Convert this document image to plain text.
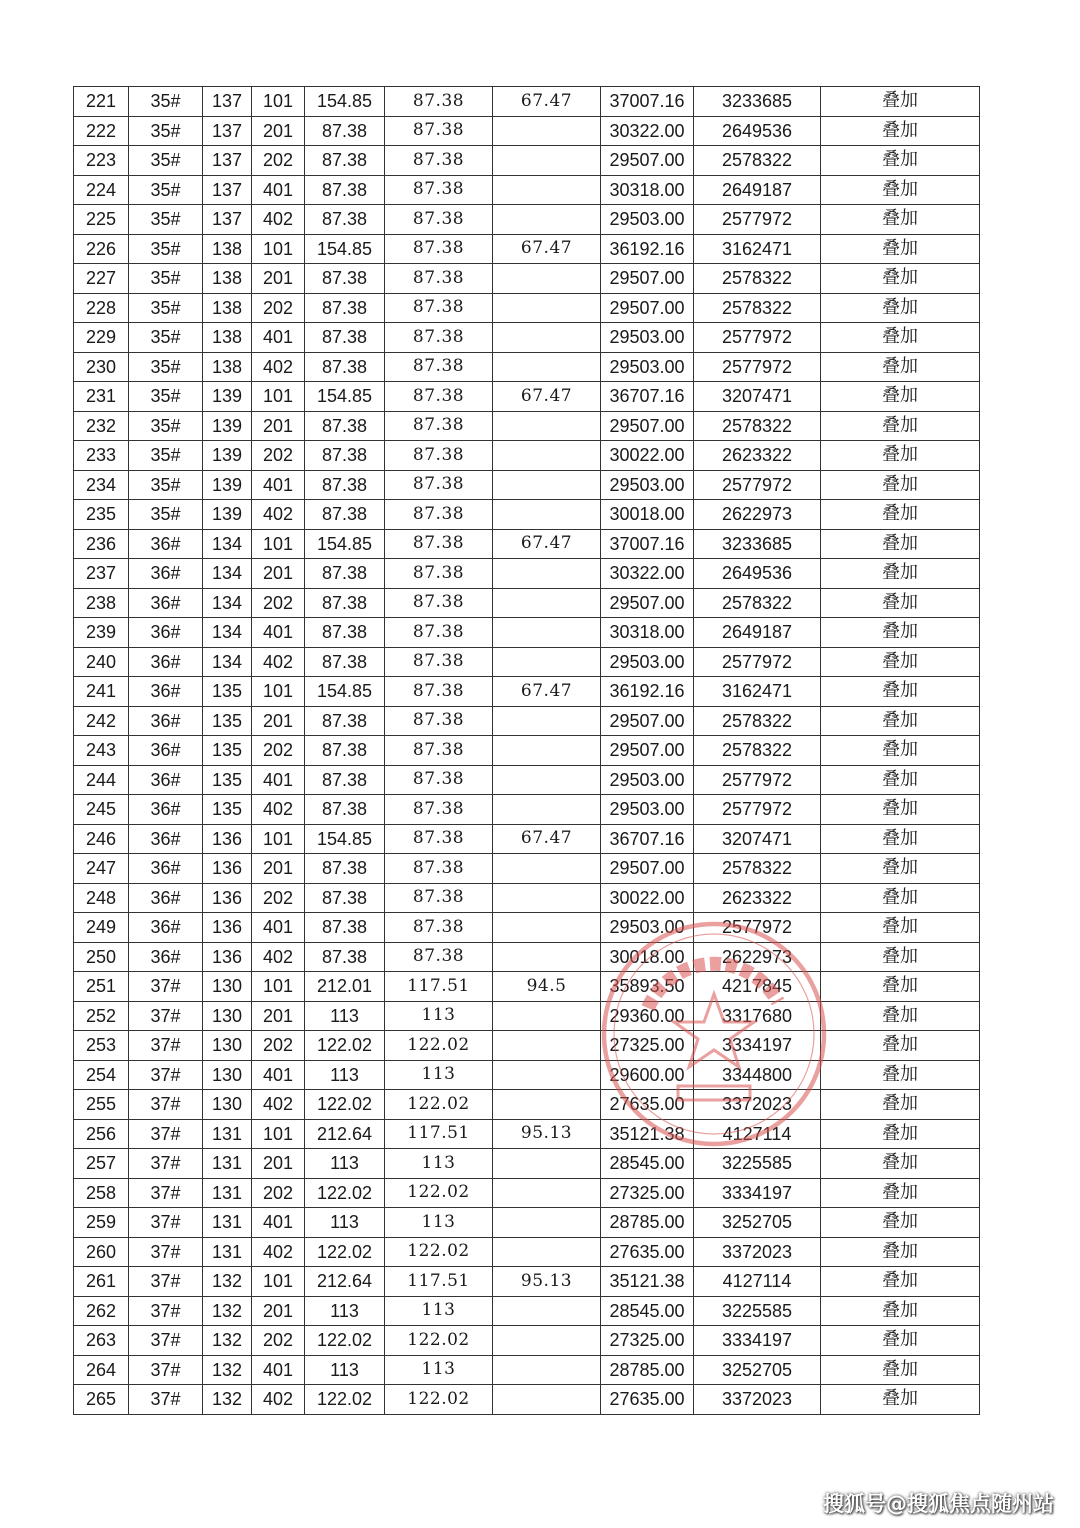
221	35#	137	101	154.85	87.38	67.47	37007.16	3233685	叠加
222	35#	137	201	87.38	87.38		30322.00	2649536	叠加
223	35#	137	202	87.38	87.38		29507.00	2578322	叠加
224	35#	137	401	87.38	87.38		30318.00	2649187	叠加
225	35#	137	402	87.38	87.38		29503.00	2577972	叠加
226	35#	138	101	154.85	87.38	67.47	36192.16	3162471	叠加
227	35#	138	201	87.38	87.38		29507.00	2578322	叠加
228	35#	138	202	87.38	87.38		29507.00	2578322	叠加
229	35#	138	401	87.38	87.38		29503.00	2577972	叠加
230	35#	138	402	87.38	87.38		29503.00	2577972	叠加
231	35#	139	101	154.85	87.38	67.47	36707.16	3207471	叠加
232	35#	139	201	87.38	87.38		29507.00	2578322	叠加
233	35#	139	202	87.38	87.38		30022.00	2623322	叠加
234	35#	139	401	87.38	87.38		29503.00	2577972	叠加
235	35#	139	402	87.38	87.38		30018.00	2622973	叠加
236	36#	134	101	154.85	87.38	67.47	37007.16	3233685	叠加
237	36#	134	201	87.38	87.38		30322.00	2649536	叠加
238	36#	134	202	87.38	87.38		29507.00	2578322	叠加
239	36#	134	401	87.38	87.38		30318.00	2649187	叠加
240	36#	134	402	87.38	87.38		29503.00	2577972	叠加
241	36#	135	101	154.85	87.38	67.47	36192.16	3162471	叠加
242	36#	135	201	87.38	87.38		29507.00	2578322	叠加
243	36#	135	202	87.38	87.38		29507.00	2578322	叠加
244	36#	135	401	87.38	87.38		29503.00	2577972	叠加
245	36#	135	402	87.38	87.38		29503.00	2577972	叠加
246	36#	136	101	154.85	87.38	67.47	36707.16	3207471	叠加
247	36#	136	201	87.38	87.38		29507.00	2578322	叠加
248	36#	136	202	87.38	87.38		30022.00	2623322	叠加
249	36#	136	401	87.38	87.38		29503.00	2577972	叠加
250	36#	136	402	87.38	87.38		30018.00	2622973	叠加
251	37#	130	101	212.01	117.51	94.5	35893.50	4217845	叠加
252	37#	130	201	113	113		29360.00	3317680	叠加
253	37#	130	202	122.02	122.02		27325.00	3334197	叠加
254	37#	130	401	113	113		29600.00	3344800	叠加
255	37#	130	402	122.02	122.02		27635.00	3372023	叠加
256	37#	131	101	212.64	117.51	95.13	35121.38	4127114	叠加
257	37#	131	201	113	113		28545.00	3225585	叠加
258	37#	131	202	122.02	122.02		27325.00	3334197	叠加
259	37#	131	401	113	113		28785.00	3252705	叠加
260	37#	131	402	122.02	122.02		27635.00	3372023	叠加
261	37#	132	101	212.64	117.51	95.13	35121.38	4127114	叠加
262	37#	132	201	113	113		28545.00	3225585	叠加
263	37#	132	202	122.02	122.02		27325.00	3334197	叠加
264	37#	132	401	113	113		28785.00	3252705	叠加
265	37#	132	402	122.02	122.02		27635.00	3372023	叠加
搜狐号@搜狐焦点随州站
